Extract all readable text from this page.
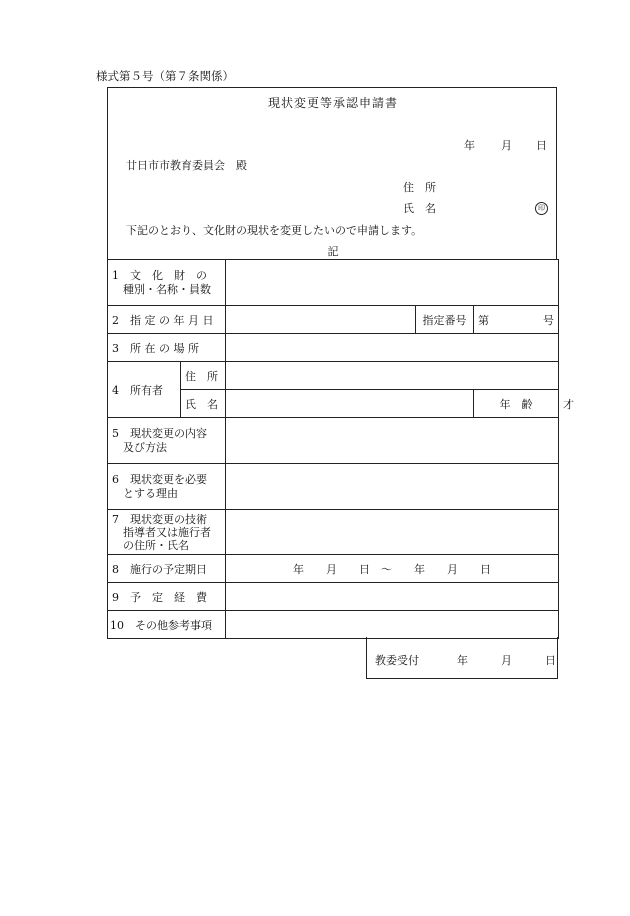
様式第５号（第７条関係）
現状変更等承認申請書
年 月 日
廿日市市教育委員会　殿
住　所
氏　名	印
下記のとおり、文化財の現状を変更したいので申請します。
記
1　文　化　財　の
　種別・名称・員数					
2　指 定 の 年 月 日			指定番号	第 号	

3　所 在 の 場 所					
4　所有者	住　所				
	氏　名			年　齢	才
5　現状変更の内容
　及び方法					
6　現状変更を必要
　とする理由					
7　現状変更の技術
　指導者又は施行者
　の住所・氏名					
8　施行の予定期日		年　　月　　日　～　　年　　月　　日			
9　予　定　経　費					
10　その他参考事項					
教委受付	年　　　月　　　日
